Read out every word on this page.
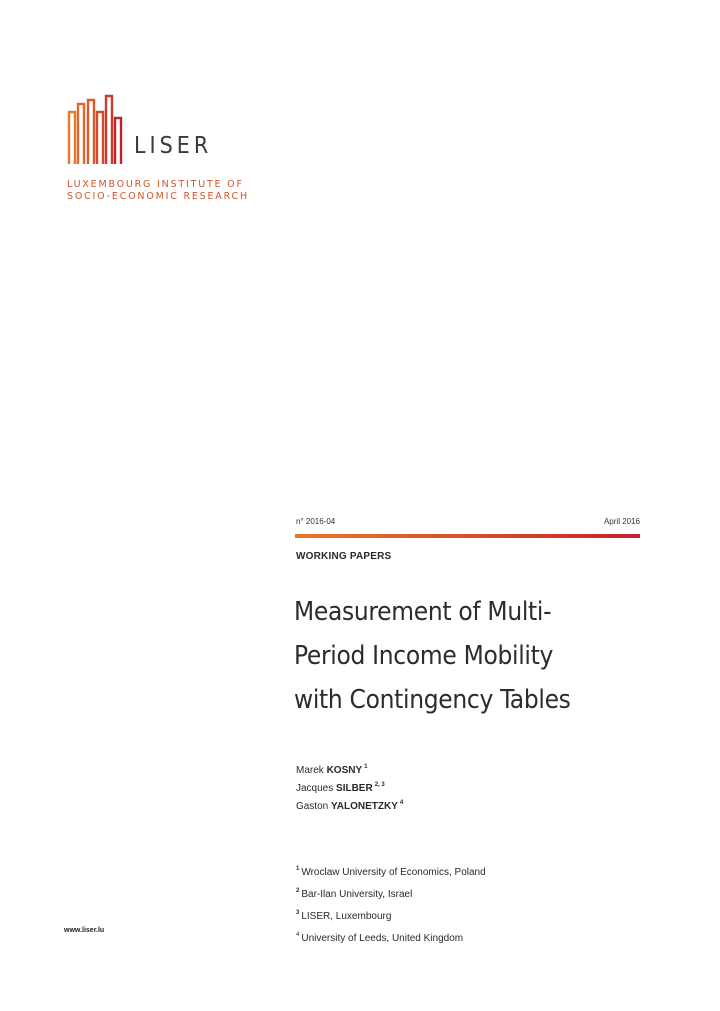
LISER
LUXEMBOURG INSTITUTE OF
SOCIO-ECONOMIC RESEARCH
n° 2016-04	April 2016
WORKING PAPERS
Measurement of Multi-
Period Income Mobility
with Contingency Tables
Marek KOSNY $^1$
Jacques SILBER $^{2, 3}$
Gaston YALONETZKY $^4$
$^1$ Wroclaw University of Economics, Poland
$^2$ Bar-Ilan University, Israel
$^3$ LISER, Luxembourg
$^4$ University of Leeds, United Kingdom
www.liser.lu
